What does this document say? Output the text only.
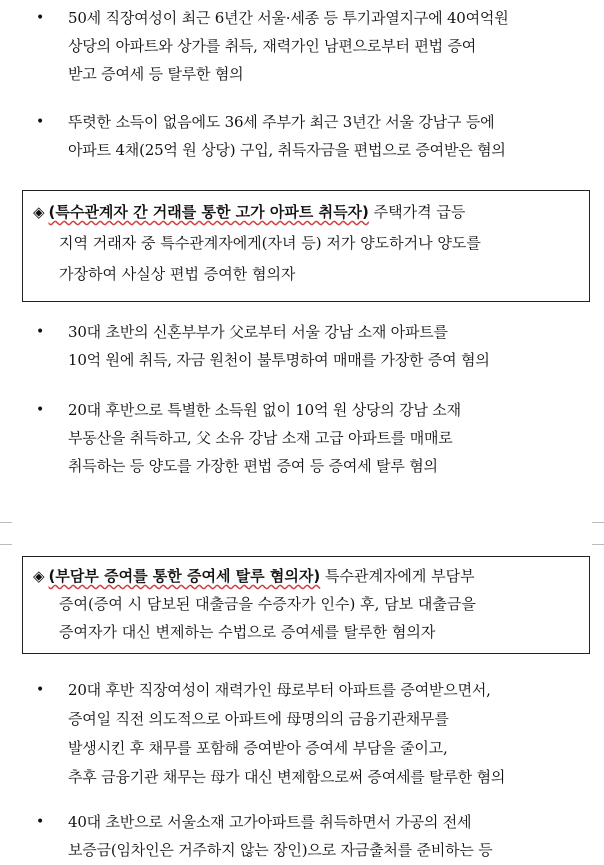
• 50세 직장여성이 최근 6년간 서울·세종 등 투기과열지구에 40여억원
상당의 아파트와 상가를 취득, 재력가인 남편으로부터 편법 증여
받고 증여세 등 탈루한 혐의
• 뚜렷한 소득이 없음에도 36세 주부가 최근 3년간 서울 강남구 등에
아파트 4채(25억 원 상당) 구입, 취득자금을 편법으로 증여받은 혐의
◈ (특수관계자 간 거래를 통한 고가 아파트 취득자) 주택가격 급등
지역 거래자 중 특수관계자에게(자녀 등) 저가 양도하거나 양도를
가장하여 사실상 편법 증여한 혐의자
• 30대 초반의 신혼부부가 父로부터 서울 강남 소재 아파트를
10억 원에 취득, 자금 원천이 불투명하여 매매를 가장한 증여 혐의
• 20대 후반으로 특별한 소득원 없이 10억 원 상당의 강남 소재
부동산을 취득하고, 父 소유 강남 소재 고급 아파트를 매매로
취득하는 등 양도를 가장한 편법 증여 등 증여세 탈루 혐의
◈ (부담부 증여를 통한 증여세 탈루 혐의자) 특수관계자에게 부담부
증여(증여 시 담보된 대출금을 수증자가 인수) 후, 담보 대출금을
증여자가 대신 변제하는 수법으로 증여세를 탈루한 혐의자
• 20대 후반 직장여성이 재력가인 母로부터 아파트를 증여받으면서,
증여일 직전 의도적으로 아파트에 母명의의 금융기관채무를
발생시킨 후 채무를 포함해 증여받아 증여세 부담을 줄이고,
추후 금융기관 채무는 母가 대신 변제함으로써 증여세를 탈루한 혐의
• 40대 초반으로 서울소재 고가아파트를 취득하면서 가공의 전세
보증금(임차인은 거주하지 않는 장인)으로 자금출처를 준비하는 등
